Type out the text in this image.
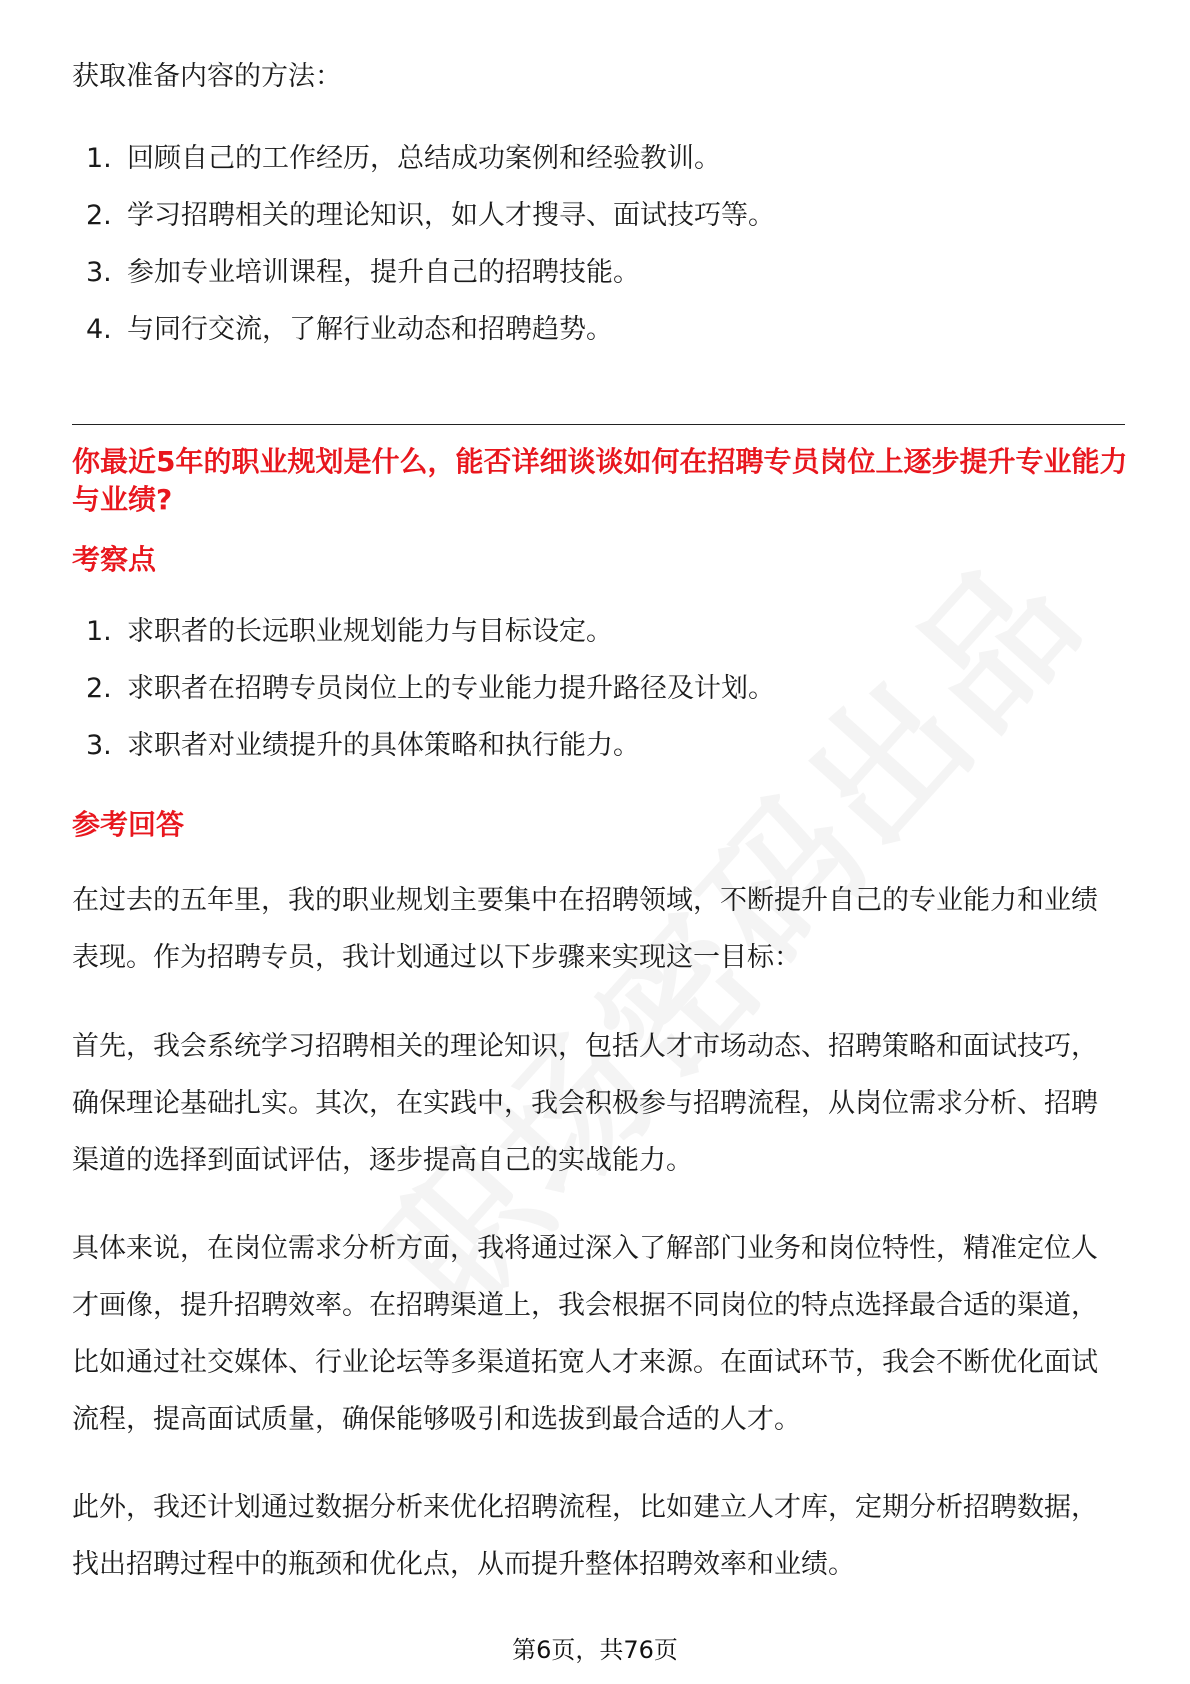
获取准备内容的方法：

1. 回顾自己的工作经历，总结成功案例和经验教训。
2. 学习招聘相关的理论知识，如人才搜寻、面试技巧等。
3. 参加专业培训课程，提升自己的招聘技能。
4. 与同行交流，了解行业动态和招聘趋势。
你最近5年的职业规划是什么，能否详细谈谈如何在招聘专员岗位上逐步提升专业能力与业绩?
考察点
1. 求职者的长远职业规划能力与目标设定。
2. 求职者在招聘专员岗位上的专业能力提升路径及计划。
3. 求职者对业绩提升的具体策略和执行能力。
参考回答

在过去的五年里，我的职业规划主要集中在招聘领域，不断提升自己的专业能力和业绩表现。作为招聘专员，我计划通过以下步骤来实现这一目标：

首先，我会系统学习招聘相关的理论知识，包括人才市场动态、招聘策略和面试技巧，确保理论基础扎实。其次，在实践中，我会积极参与招聘流程，从岗位需求分析、招聘渠道的选择到面试评估，逐步提高自己的实战能力。

具体来说，在岗位需求分析方面，我将通过深入了解部门业务和岗位特性，精准定位人才画像，提升招聘效率。在招聘渠道上，我会根据不同岗位的特点选择最合适的渠道，比如通过社交媒体、行业论坛等多渠道拓宽人才来源。在面试环节，我会不断优化面试流程，提高面试质量，确保能够吸引和选拔到最合适的人才。

此外，我还计划通过数据分析来优化招聘流程，比如建立人才库，定期分析招聘数据，找出招聘过程中的瓶颈和优化点，从而提升整体招聘效率和业绩。

第6页，共76页
